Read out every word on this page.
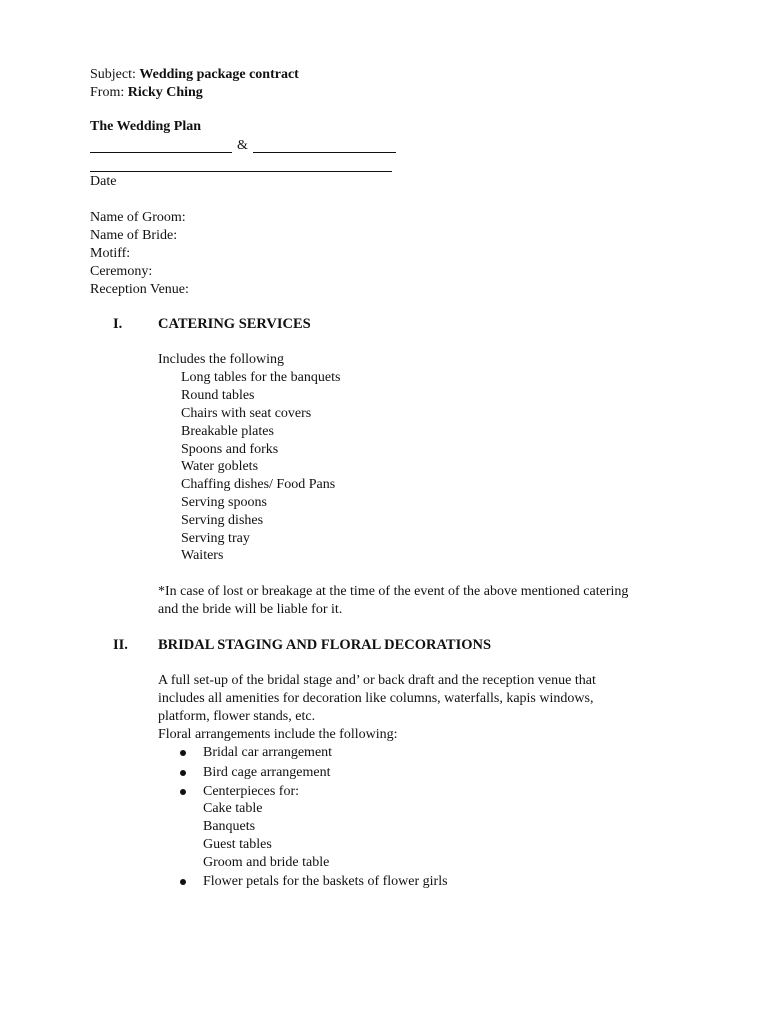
Subject: Wedding package contract
From: Ricky Ching
The Wedding Plan
&
Date
Name of Groom:
Name of Bride:
Motiff:
Ceremony:
Reception Venue:
I. CATERING SERVICES
Includes the following
Long tables for the banquets
Round tables
Chairs with seat covers
Breakable plates
Spoons and forks
Water goblets
Chaffing dishes/ Food Pans
Serving spoons
Serving dishes
Serving tray
Waiters
*In case of lost or breakage at the time of the event of the above mentioned catering
and the bride will be liable for it.
II. BRIDAL STAGING AND FLORAL DECORATIONS
A full set-up of the bridal stage and’ or back draft and the reception venue that
includes all amenities for decoration like columns, waterfalls, kapis windows,
platform, flower stands, etc.
Floral arrangements include the following:
Bridal car arrangement
Bird cage arrangement
Centerpieces for:
Cake table
Banquets
Guest tables
Groom and bride table
Flower petals for the baskets of flower girls
